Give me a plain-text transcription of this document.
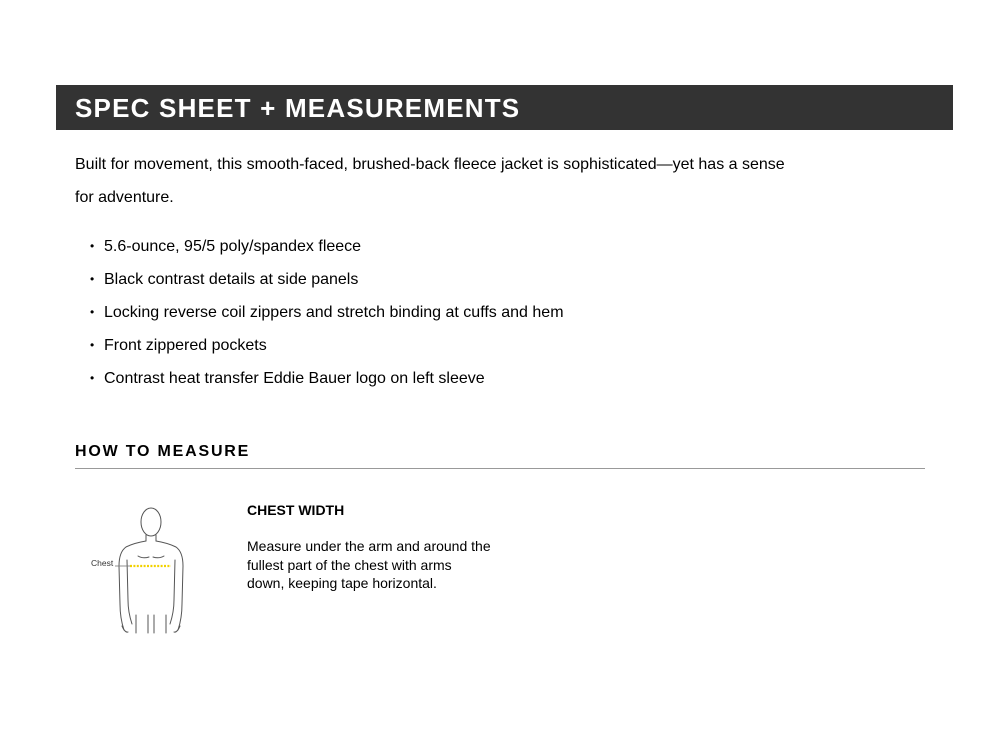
SPEC SHEET + MEASUREMENTS

Built for movement, this smooth-faced, brushed-back fleece jacket is sophisticated—yet has a sense for adventure.

• 5.6-ounce, 95/5 poly/spandex fleece
• Black contrast details at side panels
• Locking reverse coil zippers and stretch binding at cuffs and hem
• Front zippered pockets
• Contrast heat transfer Eddie Bauer logo on left sleeve
HOW TO MEASURE
Chest
CHEST WIDTH

Measure under the arm and around the fullest part of the chest with arms down, keeping tape horizontal.
